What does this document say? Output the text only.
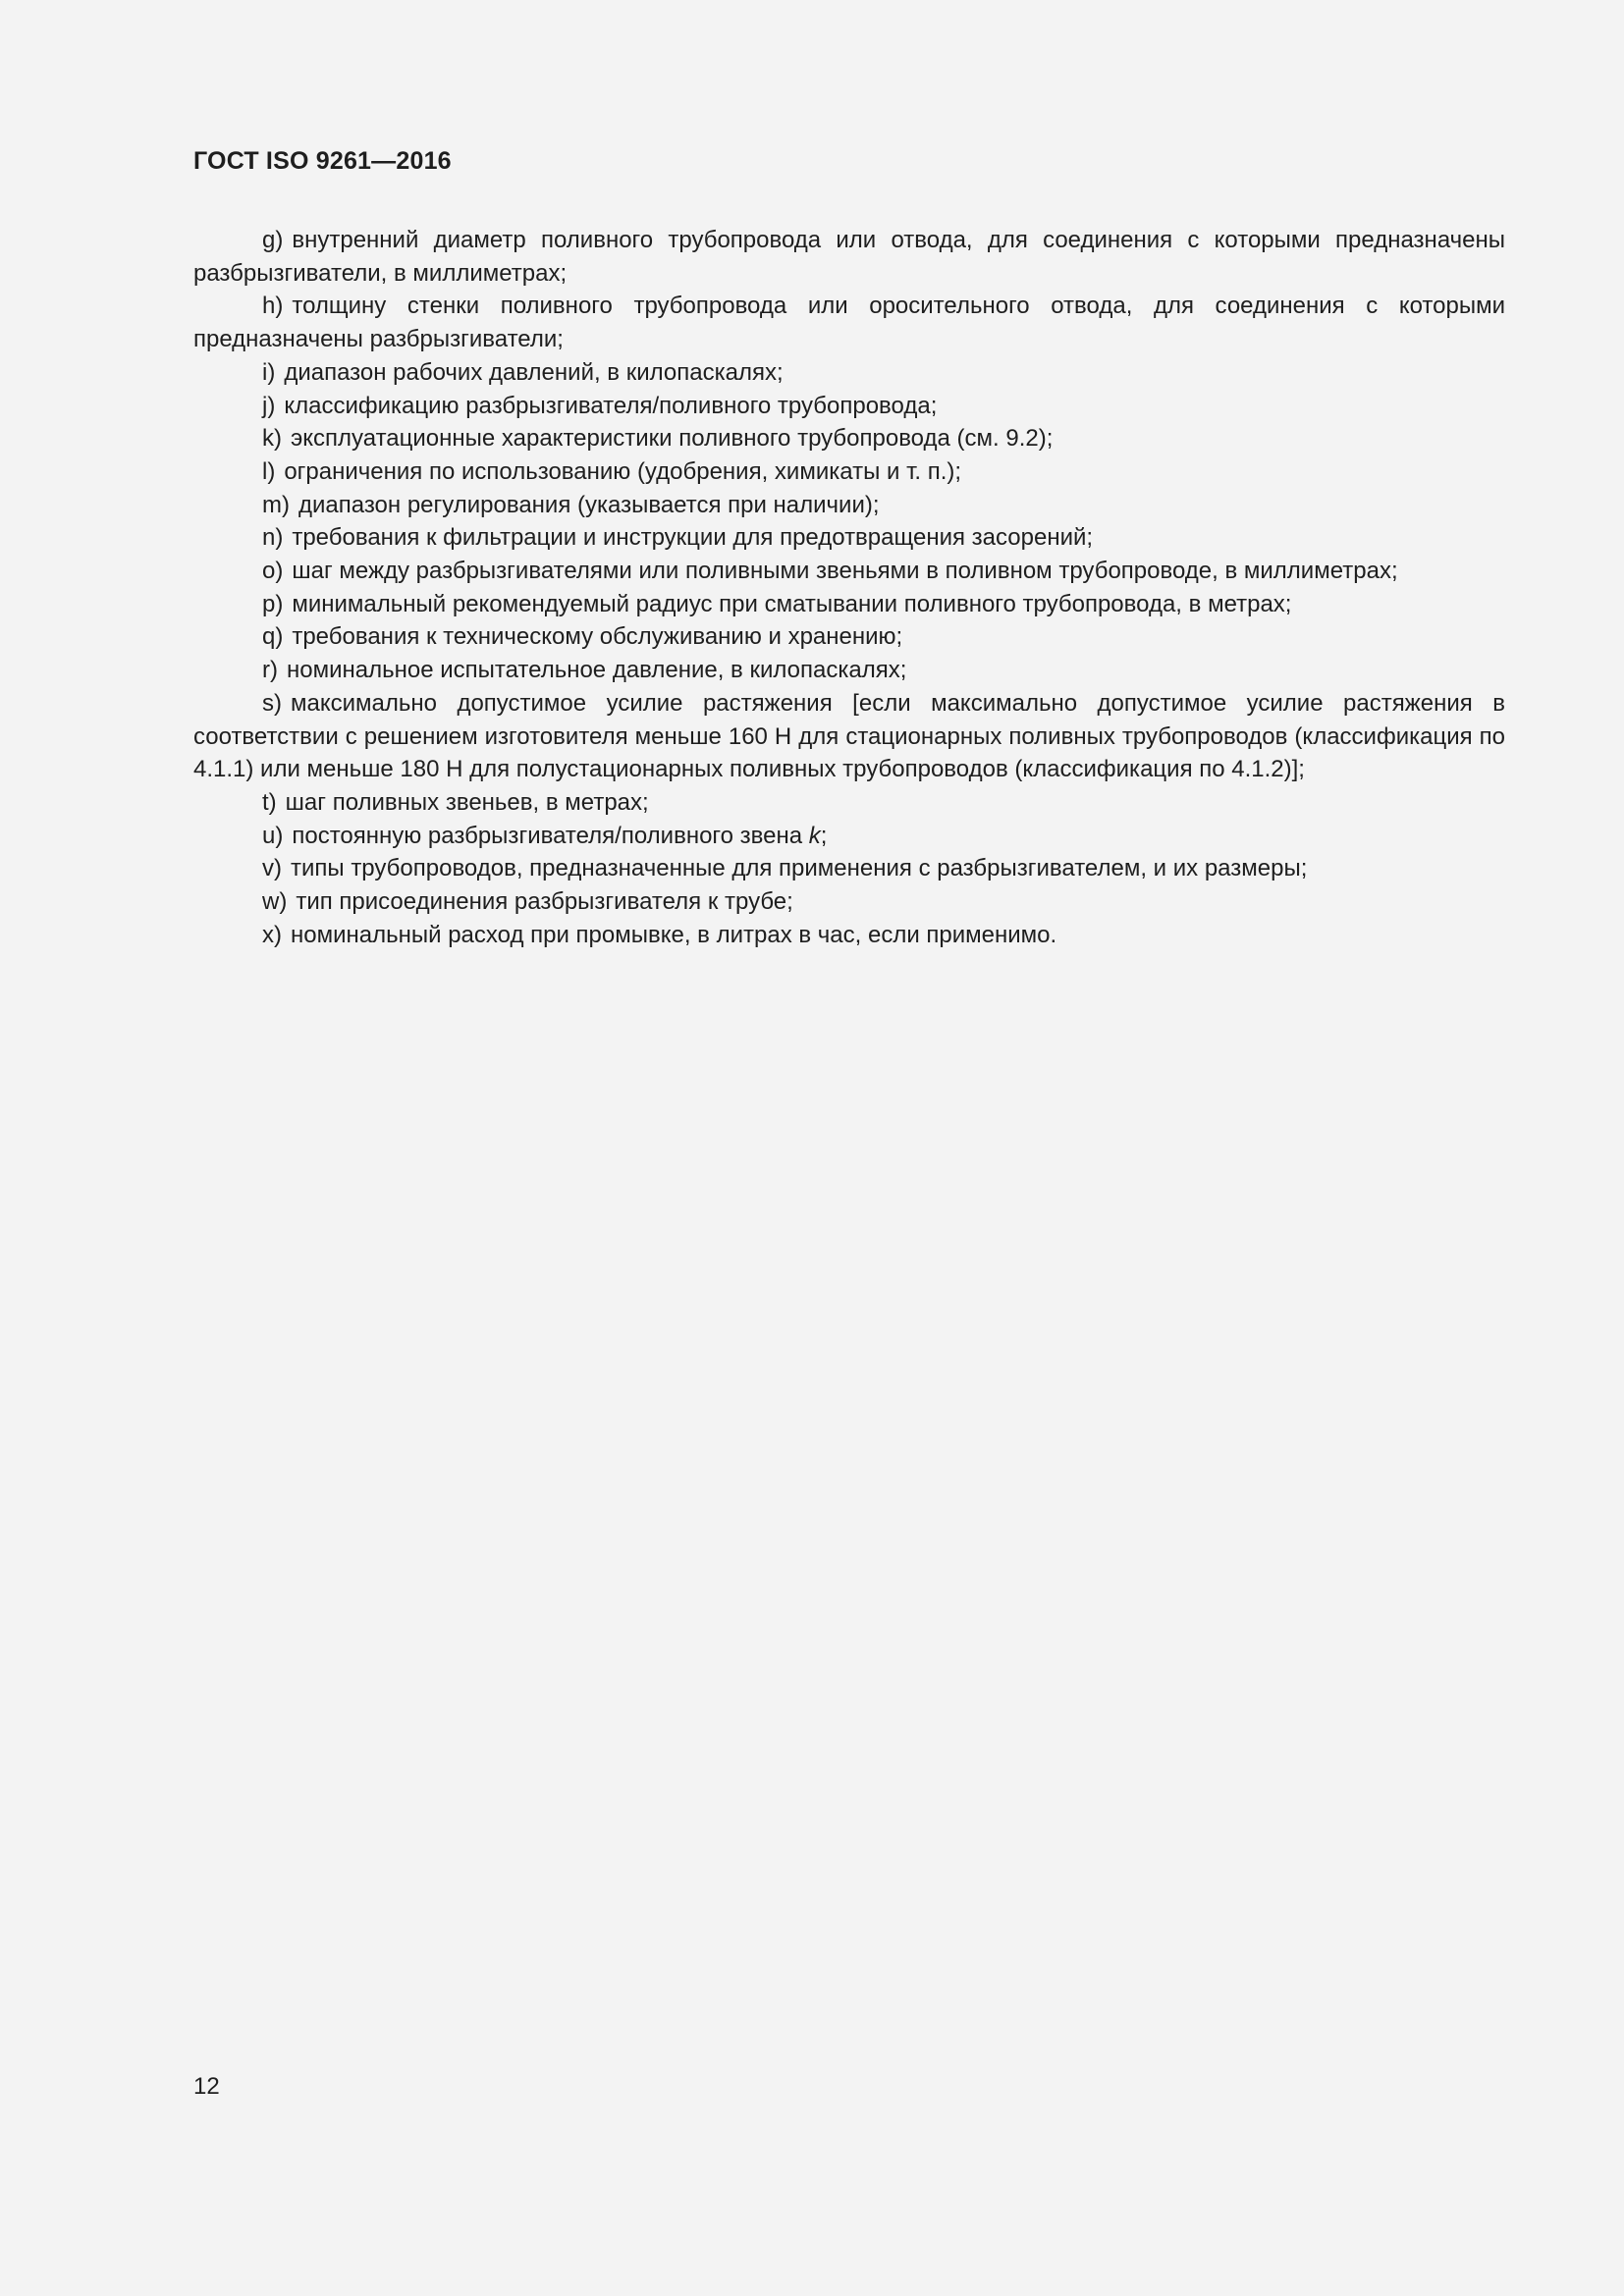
ГОСТ ISO 9261—2016

g) внутренний диаметр поливного трубопровода или отвода, для соединения с которыми предназначены разбрызгиватели, в миллиметрах;

h) толщину стенки поливного трубопровода или оросительного отвода, для соединения с которыми предназначены разбрызгиватели;

i) диапазон рабочих давлений, в килопаскалях;

j) классификацию разбрызгивателя/поливного трубопровода;

k) эксплуатационные характеристики поливного трубопровода (см. 9.2);

l) ограничения по использованию (удобрения, химикаты и т. п.);

m) диапазон регулирования (указывается при наличии);

n) требования к фильтрации и инструкции для предотвращения засорений;

o) шаг между разбрызгивателями или поливными звеньями в поливном трубопроводе, в миллиметрах;

p) минимальный рекомендуемый радиус при сматывании поливного трубопровода, в метрах;

q) требования к техническому обслуживанию и хранению;

r) номинальное испытательное давление, в килопаскалях;

s) максимально допустимое усилие растяжения [если максимально допустимое усилие растяжения в соответствии с решением изготовителя меньше 160 Н для стационарных поливных трубопроводов (классификация по 4.1.1) или меньше 180 Н для полустационарных поливных трубопроводов (классификация по 4.1.2)];

t) шаг поливных звеньев, в метрах;

u) постоянную разбрызгивателя/поливного звена k;

v) типы трубопроводов, предназначенные для применения с разбрызгивателем, и их размеры;

w) тип присоединения разбрызгивателя к трубе;

x) номинальный расход при промывке, в литрах в час, если применимо.

12
